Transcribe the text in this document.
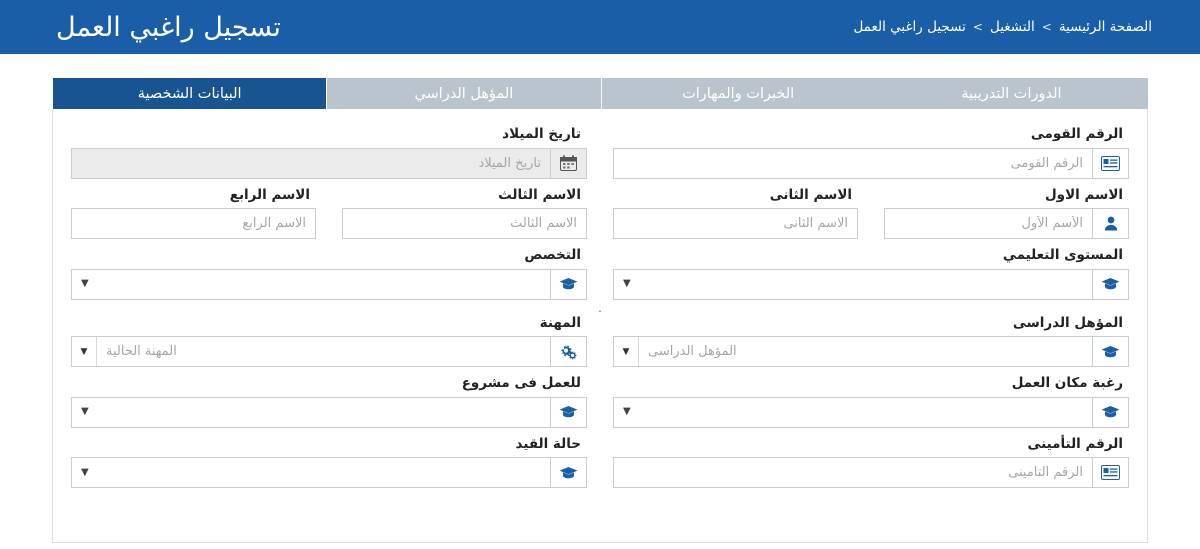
الصفحة الرئيسية
>
التشغيل
>
تسجيل راغبي العمل
تسجيل راغبي العمل
البيانات الشخصية	المؤهل الدراسي	الخبرات والمهارات	الدورات التدريبية
الرقم القومى
الرقم القومى
تاريخ الميلاد
تاريخ الميلاد
الاسم الاول
الأسم الأول
الاسم الثانى
الاسم الثانى
الاسم الثالث
الاسم الثالث
الاسم الرابع
الاسم الرابع
المستوى التعليمي
▼
التخصص
▼
.
المؤهل الدراسى
المؤهل الدراسى
▼
المهنة
المهنة الحالية
▼
رغبة مكان العمل
▼
للعمل فى مشروع
▼
الرقم التأمينى
الرقم التأمينى
حالة القيد
▼
